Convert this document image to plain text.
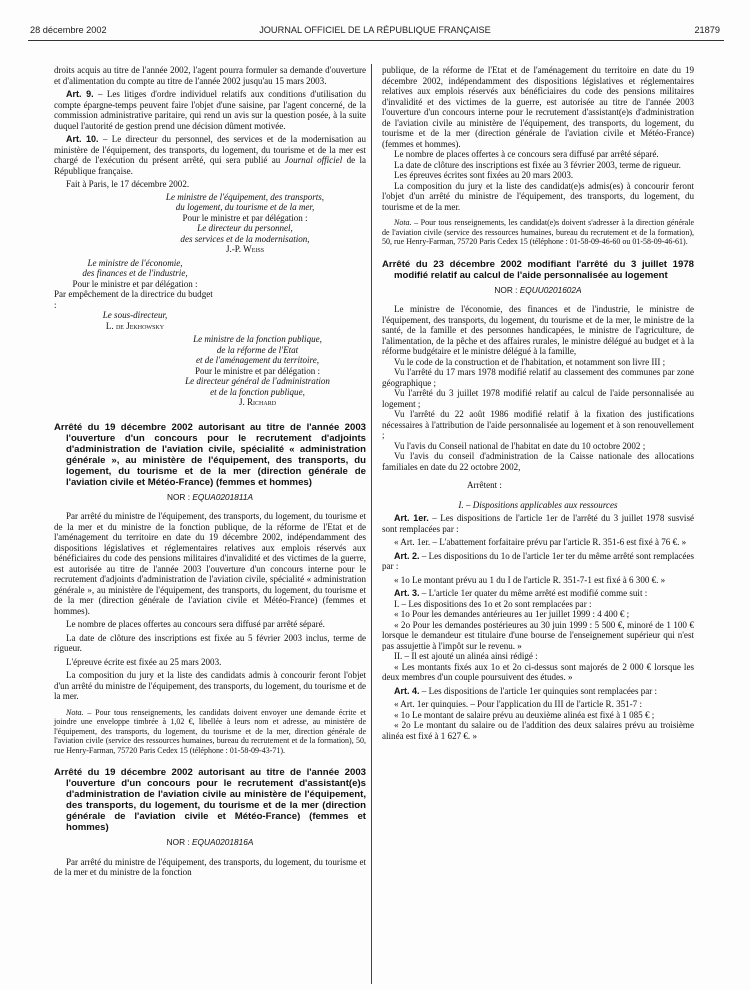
28 décembre 2002	JOURNAL OFFICIEL DE LA RÉPUBLIQUE FRANÇAISE	21879

droits acquis au titre de l'année 2002, l'agent pourra formuler sa demande d'ouverture et d'alimentation du compte au titre de l'année 2002 jusqu'au 15 mars 2003.

Art. 9. – Les litiges d'ordre individuel relatifs aux conditions d'utilisation du compte épargne-temps peuvent faire l'objet d'une saisine, par l'agent concerné, de la commission administrative paritaire, qui rend un avis sur la question posée, à la suite duquel l'autorité de gestion prend une décision dûment motivée.

Art. 10. – Le directeur du personnel, des services et de la modernisation au ministère de l'équipement, des transports, du logement, du tourisme et de la mer est chargé de l'exécution du présent arrêté, qui sera publié au Journal officiel de la République française.

Fait à Paris, le 17 décembre 2002.

Le ministre de l'équipement, des transports,
du logement, du tourisme et de la mer,
Pour le ministre et par délégation :
Le directeur du personnel,
des services et de la modernisation,
J.-P. Weiss
Le ministre de l'économie,
des finances et de l'industrie,
Pour le ministre et par délégation :
Par empêchement de la directrice du budget :
Le sous-directeur,
L. de Jekhowsky
Le ministre de la fonction publique,
de la réforme de l'Etat
et de l'aménagement du territoire,
Pour le ministre et par délégation :
Le directeur général de l'administration
et de la fonction publique,
J. Richard
Arrêté du 19 décembre 2002 autorisant au titre de l'année 2003 l'ouverture d'un concours pour le recrutement d'adjoints d'administration de l'aviation civile, spécialité « administration générale », au ministère de l'équipement, des transports, du logement, du tourisme et de la mer (direction générale de l'aviation civile et Météo-France) (femmes et hommes)
NOR : EQUA0201811A

Par arrêté du ministre de l'équipement, des transports, du logement, du tourisme et de la mer et du ministre de la fonction publique, de la réforme de l'Etat et de l'aménagement du territoire en date du 19 décembre 2002, indépendamment des dispositions législatives et réglementaires relatives aux emplois réservés aux bénéficiaires du code des pensions militaires d'invalidité et des victimes de la guerre, est autorisée au titre de l'année 2003 l'ouverture d'un concours interne pour le recrutement d'adjoints d'administration de l'aviation civile, spécialité « administration générale », au ministère de l'équipement, des transports, du logement, du tourisme et de la mer (direction générale de l'aviation civile et Météo-France) (femmes et hommes).

Le nombre de places offertes au concours sera diffusé par arrêté séparé.

La date de clôture des inscriptions est fixée au 5 février 2003 inclus, terme de rigueur.

L'épreuve écrite est fixée au 25 mars 2003.

La composition du jury et la liste des candidats admis à concourir feront l'objet d'un arrêté du ministre de l'équipement, des transports, du logement, du tourisme et de la mer.

Nota. – Pour tous renseignements, les candidats doivent envoyer une demande écrite et joindre une enveloppe timbrée à 1,02 €, libellée à leurs nom et adresse, au ministère de l'équipement, des transports, du logement, du tourisme et de la mer, direction générale de l'aviation civile (service des ressources humaines, bureau du recrutement et de la formation), 50, rue Henry-Farman, 75720 Paris Cedex 15 (téléphone : 01-58-09-43-71).

Arrêté du 19 décembre 2002 autorisant au titre de l'année 2003 l'ouverture d'un concours pour le recrutement d'assistant(e)s d'administration de l'aviation civile au ministère de l'équipement, des transports, du logement, du tourisme et de la mer (direction générale de l'aviation civile et Météo-France) (femmes et hommes)
NOR : EQUA0201816A

Par arrêté du ministre de l'équipement, des transports, du logement, du tourisme et de la mer et du ministre de la fonction

publique, de la réforme de l'Etat et de l'aménagement du territoire en date du 19 décembre 2002, indépendamment des dispositions législatives et réglementaires relatives aux emplois réservés aux bénéficiaires du code des pensions militaires d'invalidité et des victimes de la guerre, est autorisée au titre de l'année 2003 l'ouverture d'un concours interne pour le recrutement d'assistant(e)s d'administration de l'aviation civile au ministère de l'équipement, des transports, du logement, du tourisme et de la mer (direction générale de l'aviation civile et Météo-France) (femmes et hommes).

Le nombre de places offertes à ce concours sera diffusé par arrêté séparé.

La date de clôture des inscriptions est fixée au 3 février 2003, terme de rigueur.

Les épreuves écrites sont fixées au 20 mars 2003.

La composition du jury et la liste des candidat(e)s admis(es) à concourir feront l'objet d'un arrêté du ministre de l'équipement, des transports, du logement, du tourisme et de la mer.

Nota. – Pour tous renseignements, les candidat(e)s doivent s'adresser à la direction générale de l'aviation civile (service des ressources humaines, bureau du recrutement et de la formation), 50, rue Henry-Farman, 75720 Paris Cedex 15 (téléphone : 01-58-09-46-60 ou 01-58-09-46-61).

Arrêté du 23 décembre 2002 modifiant l'arrêté du 3 juillet 1978 modifié relatif au calcul de l'aide personnalisée au logement
NOR : EQUU0201602A

Le ministre de l'économie, des finances et de l'industrie, le ministre de l'équipement, des transports, du logement, du tourisme et de la mer, le ministre de la santé, de la famille et des personnes handicapées, le ministre de l'agriculture, de l'alimentation, de la pêche et des affaires rurales, le ministre délégué au budget et à la réforme budgétaire et le ministre délégué à la famille,

Vu le code de la construction et de l'habitation, et notamment son livre III ;

Vu l'arrêté du 17 mars 1978 modifié relatif au classement des communes par zone géographique ;

Vu l'arrêté du 3 juillet 1978 modifié relatif au calcul de l'aide personnalisée au logement ;

Vu l'arrêté du 22 août 1986 modifié relatif à la fixation des justifications nécessaires à l'attribution de l'aide personnalisée au logement et à son renouvellement ;

Vu l'avis du Conseil national de l'habitat en date du 10 octobre 2002 ;

Vu l'avis du conseil d'administration de la Caisse nationale des allocations familiales en date du 22 octobre 2002,

Arrêtent :

I. – Dispositions applicables aux ressources

Art. 1er. – Les dispositions de l'article 1er de l'arrêté du 3 juillet 1978 susvisé sont remplacées par :

« Art. 1er. – L'abattement forfaitaire prévu par l'article R. 351-6 est fixé à 76 €. »

Art. 2. – Les dispositions du 1o de l'article 1er ter du même arrêté sont remplacées par :

« 1o Le montant prévu au 1 du I de l'article R. 351-7-1 est fixé à 6 300 €. »

Art. 3. – L'article 1er quater du même arrêté est modifié comme suit :

I. – Les dispositions des 1o et 2o sont remplacées par :

« 1o Pour les demandes antérieures au 1er juillet 1999 : 4 400 € ;

« 2o Pour les demandes postérieures au 30 juin 1999 : 5 500 €, minoré de 1 100 € lorsque le demandeur est titulaire d'une bourse de l'enseignement supérieur qui n'est pas assujettie à l'impôt sur le revenu. »

II. – Il est ajouté un alinéa ainsi rédigé :

« Les montants fixés aux 1o et 2o ci-dessus sont majorés de 2 000 € lorsque les deux membres d'un couple poursuivent des études. »

Art. 4. – Les dispositions de l'article 1er quinquies sont remplacées par :

« Art. 1er quinquies. – Pour l'application du III de l'article R. 351-7 :

« 1o Le montant de salaire prévu au deuxième alinéa est fixé à 1 085 € ;

« 2o Le montant du salaire ou de l'addition des deux salaires prévu au troisième alinéa est fixé à 1 627 €. »
